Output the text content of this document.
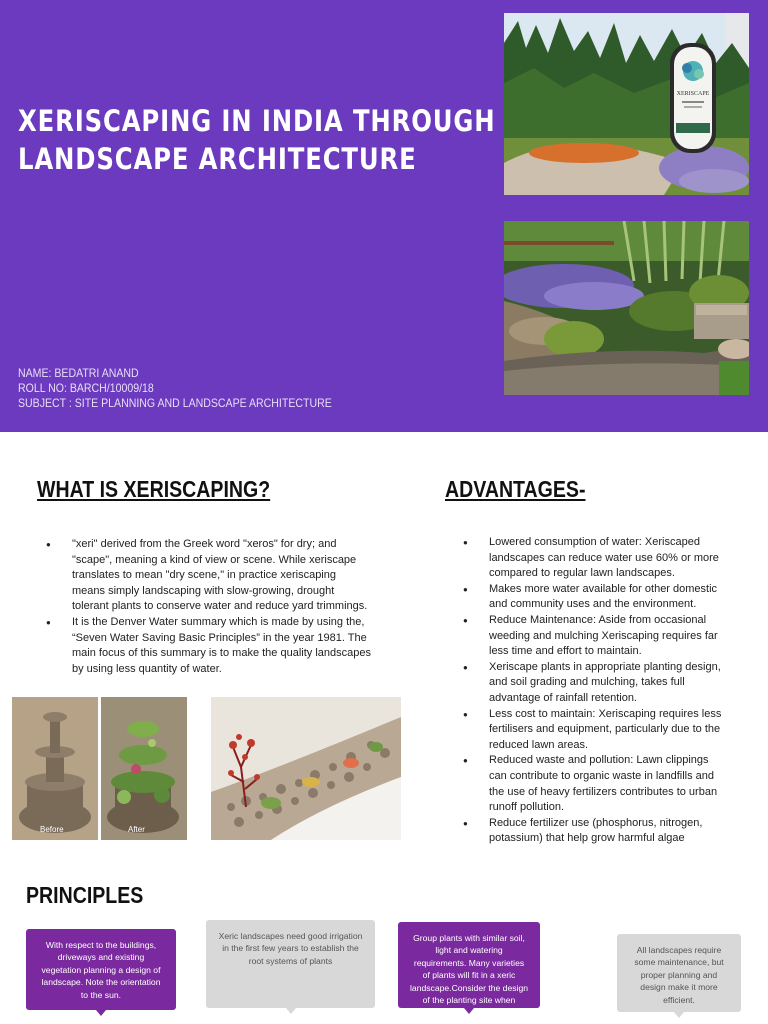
XERISCAPING IN INDIA THROUGH
LANDSCAPE ARCHITECTURE
NAME: BEDATRI ANAND
ROLL NO: BARCH/10009/18
SUBJECT : SITE PLANNING AND LANDSCAPE ARCHITECTURE
XERISCAPE
WHAT IS XERISCAPING?
● "xeri" derived from the Greek word "xeros" for dry; and "scape", meaning a kind of view or scene. While xeriscape translates to mean "dry scene," in practice xeriscaping means simply landscaping with slow-growing, drought tolerant plants to conserve water and reduce yard trimmings.
● It is the Denver Water summary which is made by using the, “Seven Water Saving Basic Principles” in the year 1981. The main focus of this summary is to make the quality landscapes by using less quantity of water.
ADVANTAGES-
● Lowered consumption of water: Xeriscaped landscapes can reduce water use 60% or more compared to regular lawn landscapes.
● Makes more water available for other domestic and community uses and the environment.
● Reduce Maintenance: Aside from occasional weeding and mulching Xeriscaping requires far less time and effort to maintain.
● Xeriscape plants in appropriate planting design, and soil grading and mulching, takes full advantage of rainfall retention.
● Less cost to maintain: Xeriscaping requires less fertilisers and equipment, particularly due to the reduced lawn areas.
● Reduced waste and pollution: Lawn clippings can contribute to organic waste in landfills and the use of heavy fertilizers contributes to urban runoff pollution.
● Reduce fertilizer use (phosphorus, nitrogen, potassium) that help grow harmful algae
Before	After
PRINCIPLES
With respect to the buildings, driveways and existing vegetation planning a design of landscape. Note the orientation to the sun.
Xeric landscapes need good irrigation in the first few years to establish the root systems of plants
Group plants with similar soil, light and watering requirements. Many varieties of plants will fit in a xeric landscape.Consider the design of the planting site when choosing plants.
All landscapes require some maintenance, but proper planning and design make it more efficient.
